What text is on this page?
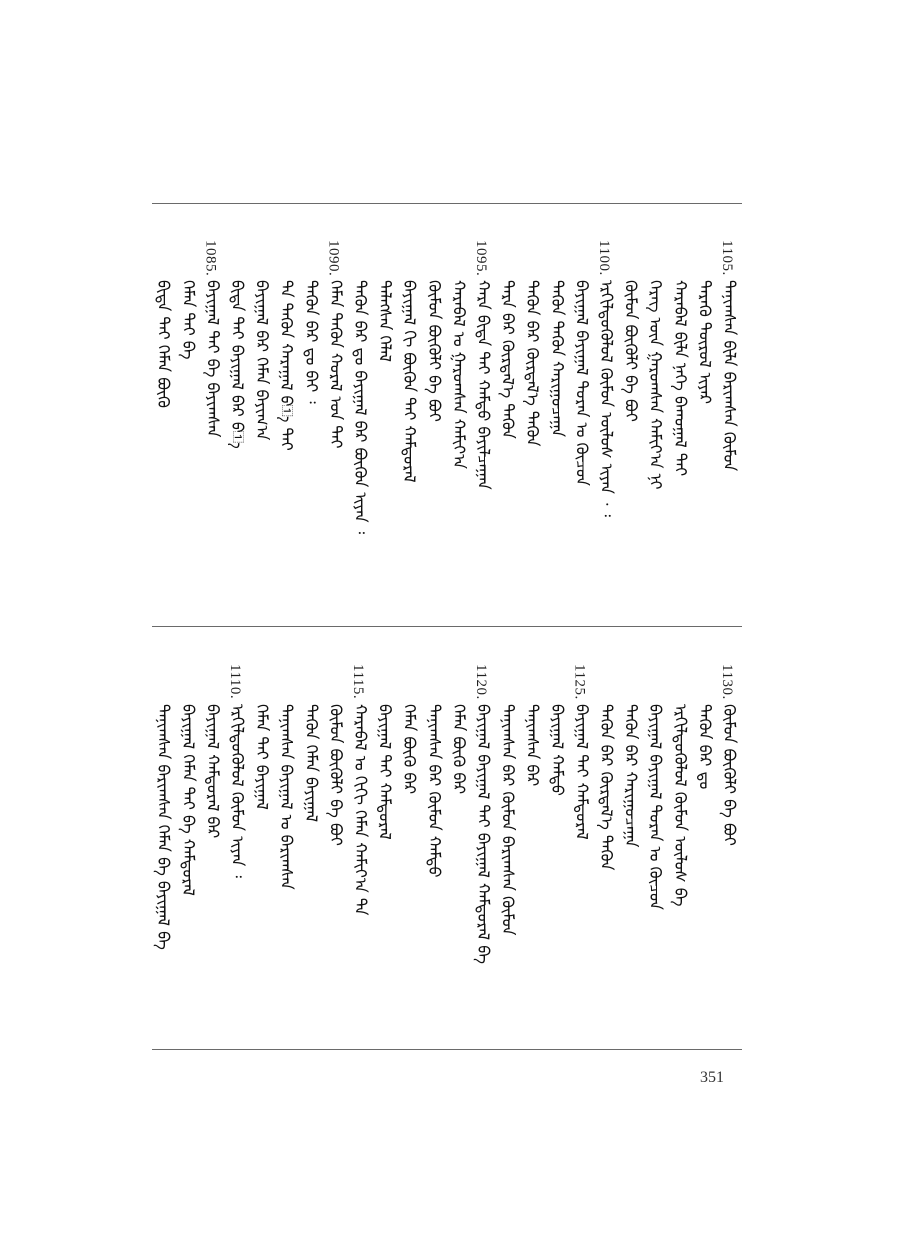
1105.
ᠲᠠᠨᠢᠭᠰᠠᠨ ᠪᠢᠯᠡ ᠪᠠᠷᠢᠭᠰᠠᠨ ᠬᠦᠮᠦᠨ
ᠲᠡᠷᠡᠭᠦ ᠲᠦᠷᠦᠯ ᠢᠶᠠᠷ
ᠬᠠᠷᠠᠪᠠᠯ ᠪᠢᠯᠡ ᠨᠡᠭᠡ ᠪᠠᠬᠤᠭᠠᠯ ᠲᠠᠢ
ᠬᠡᠷᠡᠭ ᠦᠨ ᠭᠠᠷᠤᠭᠰᠠᠨ ᠬᠠᠮᠢᠶ᠎ᠠ ᠨᠢ
ᠬᠦᠮᠦᠨ ᠪᠦᠬᠦᠯᠢ ᠪᠠ ᠪᠤᠢ
1100.
ᠡᠷᠭᠢᠯᠳᠦᠭᠦᠯᠦᠯ ᠬᠦᠮᠦᠨ ᠦᠯᠦᠰ ᠢᠶᠡᠨ ᠂ ᠄
ᠪᠠᠶᠢᠭᠠᠯ ᠪᠠᠶᠢᠭᠠᠯ ᠳᠤᠷᠠᠨ ᠤ ᠬᠦᠴᠦᠨ
ᠲᠡᠭᠦᠨ ᠲᠡᠭᠦᠨ ᠬᠠᠷᠢᠭᠤᠴᠠᠭᠠ
ᠲᠡᠭᠦᠨ ᠪᠡᠷ ᠬᠦᠷᠲᠡᠯ᠎ᠡ ᠲᠡᠭᠦᠨ
ᠲᠡᠷᠡ ᠪᠡᠷ ᠬᠦᠷᠲᠡᠯ᠎ᠡ ᠲᠡᠭᠦᠨ
1095.
ᠬᠠᠷᠠ ᠪᠢᠳᠡ ᠲᠠᠢ ᠬᠠᠮᠲᠤ ᠪᠠᠶᠢᠯᠴᠠᠭᠠᠨ
ᠬᠠᠷᠠᠪᠠᠯ ᠤ ᠭᠠᠷᠤᠭᠰᠠᠨ ᠬᠠᠮᠢᠶ᠎ᠠ
ᠬᠦᠮᠦᠨ ᠪᠦᠬᠦᠯᠢ ᠪᠠ ᠪᠤᠢ
ᠪᠠᠶᠢᠭᠠᠯ ᠬᠢ ᠪᠦᠬᠦᠨ ᠲᠠᠢ ᠬᠠᠮᠲᠤᠷᠠᠯ
ᠲᠡᠯᠡᠭᠰᠡᠨ ᠬᠡᠯᠡᠯ
ᠲᠡᠭᠦᠨ ᠪᠡᠷ ᠳᠤ ᠪᠠᠶᠢᠭᠠᠯ ᠪᠡᠷ ᠪᠦᠬᠦᠨ ᠢᠶᠡᠨ ᠄
1090.
ᠬᠡᠮᠡᠨ ᠲᠡᠭᠦᠨ ᠬᠤᠷᠠᠯ ᠤᠨ ᠲᠠᠢ
ᠲᠡᠭᠦᠨ ᠪᠡᠷ ᠳᠤ ᠪᠠᠢ ᠄
ᠲᠠ ᠲᠡᠭᠦᠨ ᠬᠠᠷᠠᠭᠠᠯ ᠪ᠋ᠠ ᠲᠠᠢ
ᠪᠠᠶᠢᠭᠠᠯ ᠪᠡᠷ ᠬᠡᠮᠡᠨ ᠪᠠᠶᠢᠭ᠎ᠠ
ᠪᠢᠳᠡ ᠲᠠᠢ ᠪᠠᠶᠢᠭᠠᠯ ᠪᠡᠷ ᠪ᠋ᠠ
1085.
ᠪᠠᠶᠢᠭᠠᠯ ᠲᠠᠢ ᠪᠠ ᠪᠠᠶᠢᠭᠰᠠᠨ
ᠬᠡᠮᠡᠨ ᠲᠠᠢ ᠪᠠ
ᠪᠢᠳᠡ ᠲᠠᠢ ᠬᠡᠮᠡᠨ ᠪᠦᠬᠦ
1130.
ᠬᠦᠮᠦᠨ ᠪᠦᠬᠦᠯᠢ ᠪᠠ ᠪᠤᠢ
ᠲᠡᠭᠦᠨ ᠪᠡᠷ ᠳᠤ
ᠡᠷᠭᠢᠯᠳᠦᠭᠦᠯᠦᠯ ᠬᠦᠮᠦᠨ ᠦᠯᠦᠰ ᠪᠠ
ᠪᠠᠶᠢᠭᠠᠯ ᠪᠠᠶᠢᠭᠠᠯ ᠳᠤᠷᠠᠨ ᠤ ᠬᠦᠴᠦᠨ
ᠲᠡᠭᠦᠨ ᠪᠡᠷ ᠬᠠᠷᠢᠭᠤᠴᠠᠭᠠ
ᠲᠡᠭᠦᠨ ᠪᠡᠷ ᠬᠦᠷᠲᠡᠯ᠎ᠡ ᠲᠡᠭᠦᠨ
1125.
ᠪᠠᠶᠢᠭᠠᠯ ᠲᠠᠢ ᠬᠠᠮᠲᠤᠷᠠᠯ
ᠪᠠᠶᠢᠭᠠᠯ ᠬᠠᠮᠲᠤ
ᠲᠠᠨᠢᠭᠰᠠᠨ ᠪᠡᠷ
ᠲᠠᠨᠢᠭᠰᠠᠨ ᠪᠡᠷ ᠬᠦᠮᠦᠨ ᠪᠠᠷᠢᠭᠰᠠᠨ ᠬᠦᠮᠦᠨ
1120.
ᠪᠠᠶᠢᠭᠠᠯ ᠪᠠᠶᠢᠭᠠᠯ ᠲᠠᠢ ᠪᠠᠶᠢᠭᠠᠯ ᠬᠠᠮᠲᠤᠷᠠᠯ ᠪᠠ
ᠬᠡᠮᠡᠨ ᠪᠦᠬᠦ ᠪᠡᠷ
ᠲᠠᠨᠢᠭᠰᠠᠨ ᠪᠡᠷ ᠬᠦᠮᠦᠨ ᠬᠠᠮᠲᠤ
ᠬᠡᠮᠡᠨ ᠪᠦᠬᠦ ᠪᠡᠷ
ᠪᠠᠶᠢᠭᠠᠯ ᠲᠠᠢ ᠬᠠᠮᠲᠤᠷᠠᠯ
1115.
ᠬᠠᠷᠠᠪᠠᠯ ᠤ ᠬᠢᠬᠢ ᠬᠡᠮᠡᠨ ᠬᠠᠮᠢᠶ᠎ᠠ ᠲᠠ
ᠬᠦᠮᠦᠨ ᠪᠦᠬᠦᠯᠢ ᠪᠠ ᠪᠤᠢ
ᠲᠡᠭᠦᠨ ᠬᠡᠮᠡᠨ ᠪᠠᠶᠢᠭᠠᠯ
ᠲᠠᠨᠢᠭᠰᠠᠨ ᠪᠠᠶᠢᠭᠠᠯ ᠤ ᠪᠠᠷᠢᠭᠰᠠᠨ
ᠬᠡᠮᠡᠨ ᠲᠠᠢ ᠪᠠᠶᠢᠭᠠᠯ
1110.
ᠡᠷᠭᠢᠯᠳᠦᠭᠦᠯᠦᠯ ᠬᠦᠮᠦᠨ ᠢᠶᠡᠨ ᠄
ᠪᠠᠶᠢᠭᠠᠯ ᠬᠠᠮᠲᠤᠷᠠᠯ ᠪᠡᠷ
ᠪᠠᠶᠢᠭᠠᠯ ᠬᠡᠮᠡᠨ ᠲᠠᠢ ᠪᠠ ᠬᠠᠮᠲᠤᠷᠠᠯ
ᠲᠠᠨᠢᠭᠰᠠᠨ ᠪᠠᠷᠢᠭᠰᠠᠨ ᠬᠡᠮᠡᠨ ᠪᠠ ᠪᠠᠶᠢᠭᠠᠯ ᠪᠠ
351
